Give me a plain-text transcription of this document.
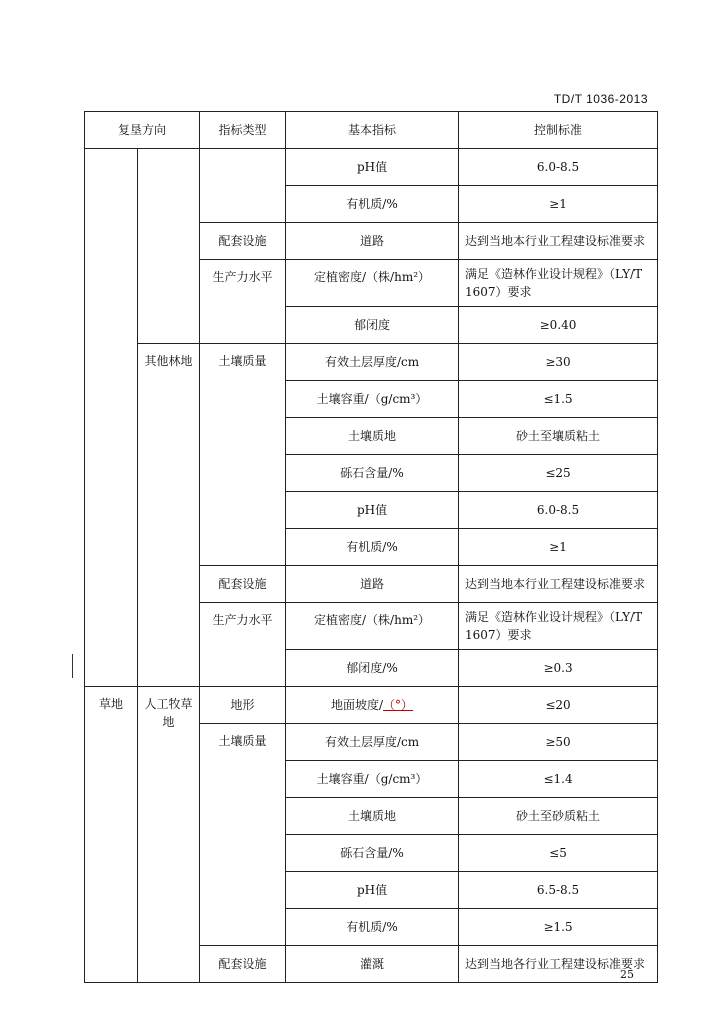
TD/T 1036-2013
复垦方向		指标类型	基本指标	控制标准
			pH值	6.0-8.5
			有机质/%	≥1
		配套设施	道路	达到当地本行业工程建设标准要求
		生产力水平	定植密度/（株/hm²）	满足《造林作业设计规程》（LY/T 1607）要求
			郁闭度	≥0.40
	其他林地	土壤质量	有效土层厚度/cm	≥30
			土壤容重/（g/cm³）	≤1.5
			土壤质地	砂土至壤质粘土
			砾石含量/%	≤25
			pH值	6.0-8.5
			有机质/%	≥1
		配套设施	道路	达到当地本行业工程建设标准要求
		生产力水平	定植密度/（株/hm²）	满足《造林作业设计规程》（LY/T 1607）要求
			郁闭度/%	≥0.3
草地	人工牧草地	地形	地面坡度/（°）	≤20
		土壤质量	有效土层厚度/cm	≥50
			土壤容重/（g/cm³）	≤1.4
			土壤质地	砂土至砂质粘土
			砾石含量/%	≤5
			pH值	6.5-8.5
			有机质/%	≥1.5
		配套设施	灌溉	达到当地各行业工程建设标准要求
25
